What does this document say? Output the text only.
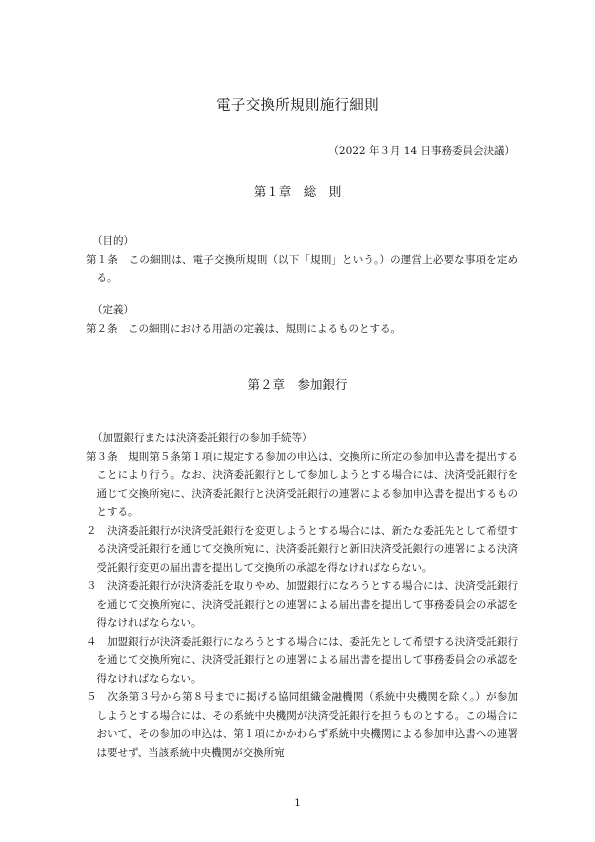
電子交換所規則施行細則
（2022 年３月 14 日事務委員会決議）
第１章　総　則
（目的）

第１条　この細則は、電子交換所規則（以下「規則」という。）の運営上必要な事項を定める。

（定義）

第２条　この細則における用語の定義は、規則によるものとする。

第２章　参加銀行
（加盟銀行または決済委託銀行の参加手続等）

第３条　規則第５条第１項に規定する参加の申込は、交換所に所定の参加申込書を提出することにより行う。なお、決済委託銀行として参加しようとする場合には、決済受託銀行を通じて交換所宛に、決済委託銀行と決済受託銀行の連署による参加申込書を提出するものとする。

２　決済委託銀行が決済受託銀行を変更しようとする場合には、新たな委託先として希望する決済受託銀行を通じて交換所宛に、決済委託銀行と新旧決済受託銀行の連署による決済受託銀行変更の届出書を提出して交換所の承認を得なければならない。

３　決済委託銀行が決済委託を取りやめ、加盟銀行になろうとする場合には、決済受託銀行を通じて交換所宛に、決済受託銀行との連署による届出書を提出して事務委員会の承認を得なければならない。

４　加盟銀行が決済委託銀行になろうとする場合には、委託先として希望する決済受託銀行を通じて交換所宛に、決済受託銀行との連署による届出書を提出して事務委員会の承認を得なければならない。

５　次条第３号から第８号までに掲げる協同組織金融機関（系統中央機関を除く。）が参加しようとする場合には、その系統中央機関が決済受託銀行を担うものとする。この場合において、その参加の申込は、第１項にかかわらず系統中央機関による参加申込書への連署は要せず、当該系統中央機関が交換所宛

1
